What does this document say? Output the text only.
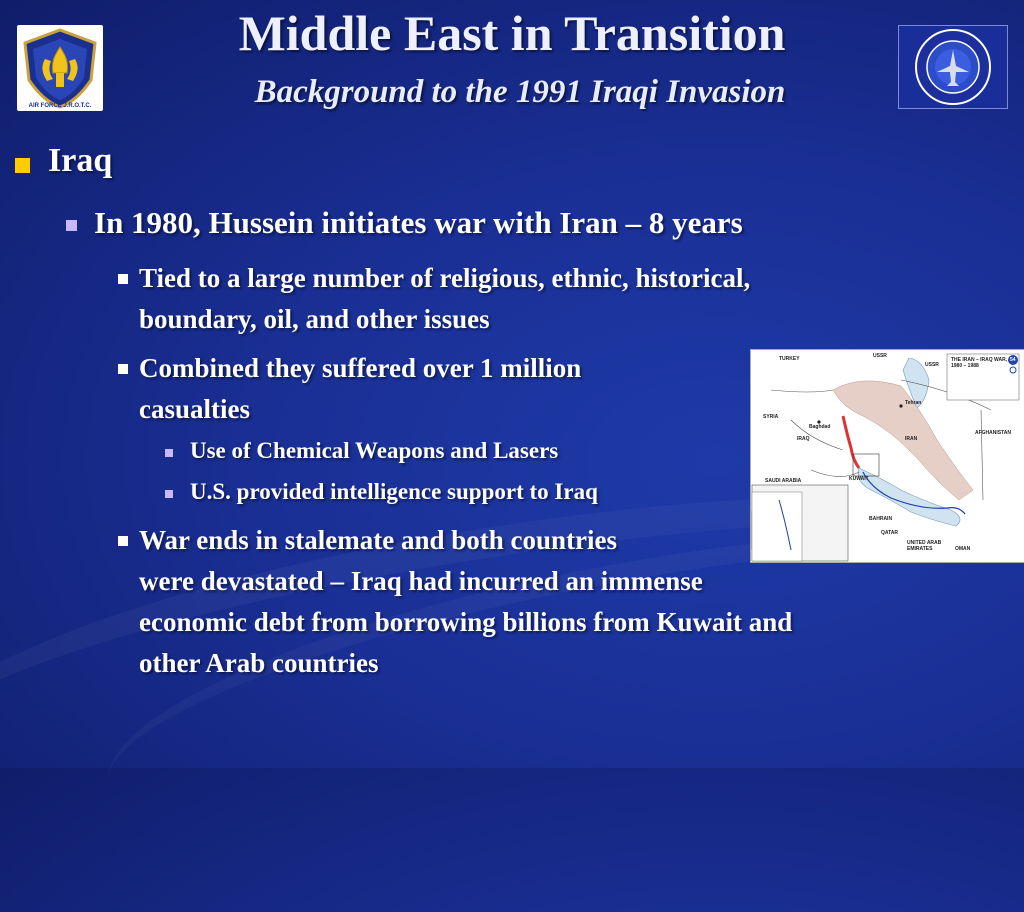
AIR FORCE J.R.O.T.C.
Middle East in Transition
Background to the 1991 Iraqi Invasion
Iraq
In 1980, Hussein initiates war with Iran – 8 years
Tied to a large number of religious, ethnic, historical,
boundary, oil, and other issues
Combined they suffered over 1 million
casualties
Use of Chemical Weapons and Lasers
U.S. provided intelligence support to Iraq
War ends in stalemate and both countries
were devastated – Iraq had incurred an immense
economic debt from borrowing billions from Kuwait and
other Arab countries
THE IRAN – IRAQ WAR, 1980 – 1988
54
TURKEY	USSR
USSR
SYRIA
IRAQ	IRAN
AFGHANISTAN
SAUDI ARABIA	KUWAIT
QATAR
BAHRAIN
UNITED ARAB EMIRATES	OMAN
Baghdad
Tehran
